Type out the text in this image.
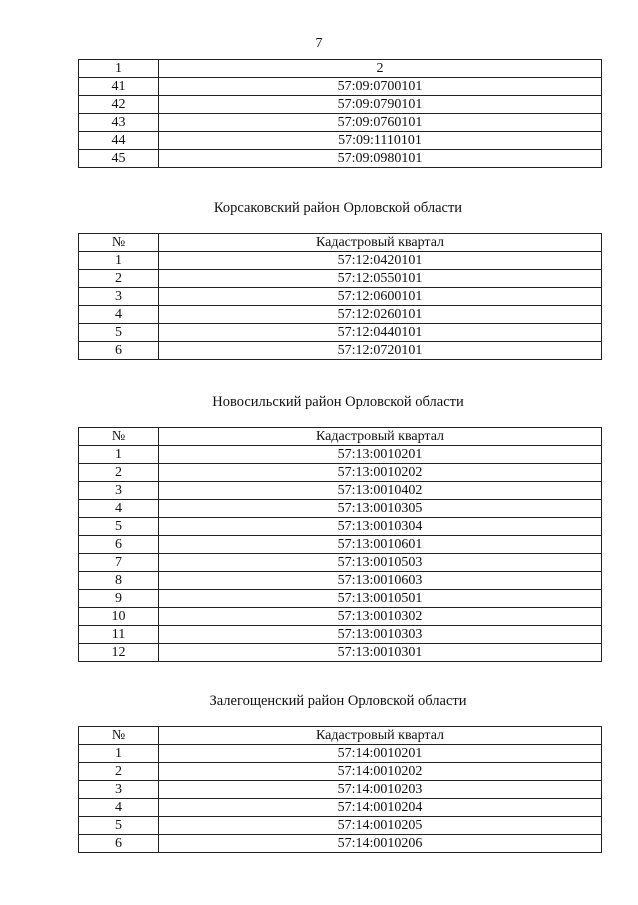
7
1	2
41	57:09:0700101
42	57:09:0790101
43	57:09:0760101
44	57:09:1110101
45	57:09:0980101
Корсаковский район Орловской области
№	Кадастровый квартал
1	57:12:0420101
2	57:12:0550101
3	57:12:0600101
4	57:12:0260101
5	57:12:0440101
6	57:12:0720101
Новосильский район Орловской области
№	Кадастровый квартал
1	57:13:0010201
2	57:13:0010202
3	57:13:0010402
4	57:13:0010305
5	57:13:0010304
6	57:13:0010601
7	57:13:0010503
8	57:13:0010603
9	57:13:0010501
10	57:13:0010302
11	57:13:0010303
12	57:13:0010301
Залегощенский район Орловской области
№	Кадастровый квартал
1	57:14:0010201
2	57:14:0010202
3	57:14:0010203
4	57:14:0010204
5	57:14:0010205
6	57:14:0010206
